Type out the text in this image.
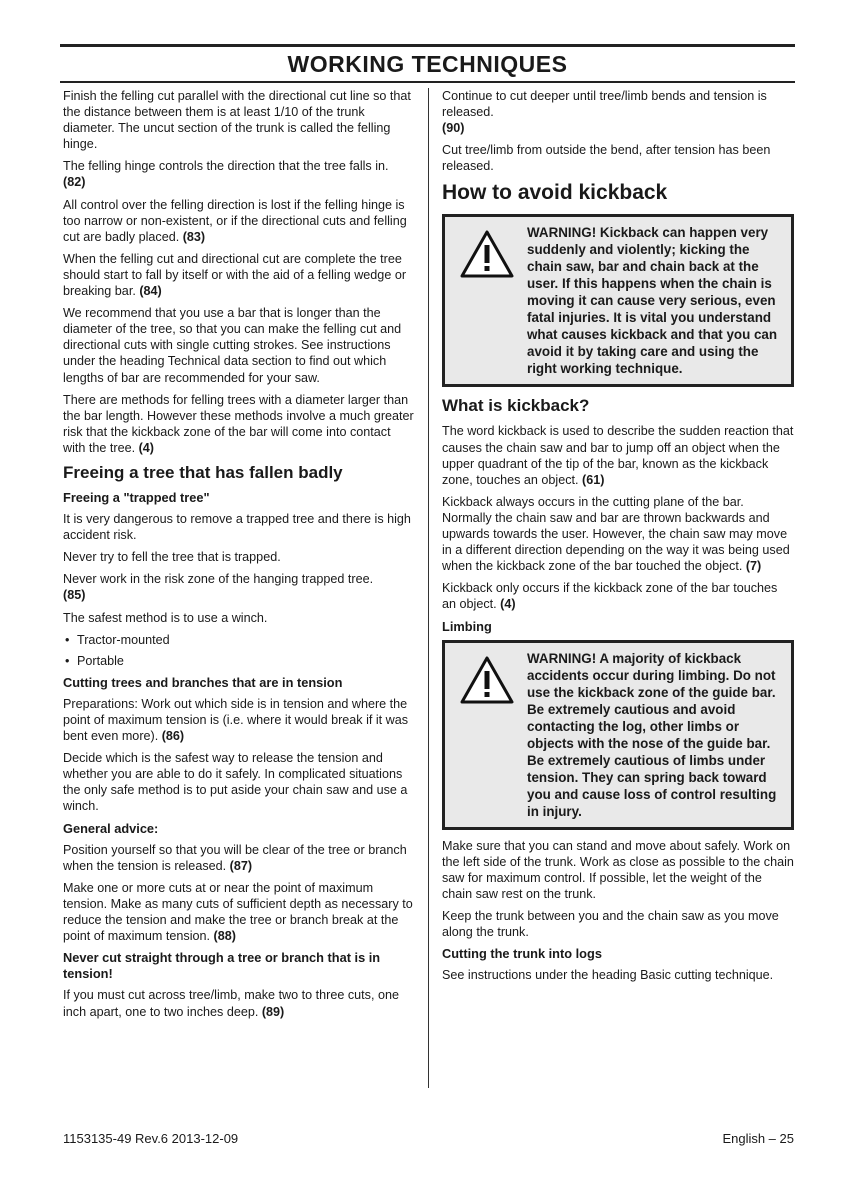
WORKING TECHNIQUES

Finish the felling cut parallel with the directional cut line so that the distance between them is at least 1/10 of the trunk diameter. The uncut section of the trunk is called the felling hinge.

The felling hinge controls the direction that the tree falls in.
(82)

All control over the felling direction is lost if the felling hinge is too narrow or non-existent, or if the directional cuts and felling cut are badly placed. (83)

When the felling cut and directional cut are complete the tree should start to fall by itself or with the aid of a felling wedge or breaking bar. (84)

We recommend that you use a bar that is longer than the diameter of the tree, so that you can make the felling cut and directional cuts with single cutting strokes. See instructions under the heading Technical data section to find out which lengths of bar are recommended for your saw.

There are methods for felling trees with a diameter larger than the bar length. However these methods involve a much greater risk that the kickback zone of the bar will come into contact with the tree. (4)

Freeing a tree that has fallen badly
Freeing a "trapped tree"

It is very dangerous to remove a trapped tree and there is high accident risk.

Never try to fell the tree that is trapped.

Never work in the risk zone of the hanging trapped tree.
(85)

The safest method is to use a winch.

• Tractor-mounted
• Portable
Cutting trees and branches that are in tension

Preparations: Work out which side is in tension and where the point of maximum tension is (i.e. where it would break if it was bent even more). (86)

Decide which is the safest way to release the tension and whether you are able to do it safely. In complicated situations the only safe method is to put aside your chain saw and use a winch.

General advice:

Position yourself so that you will be clear of the tree or branch when the tension is released. (87)

Make one or more cuts at or near the point of maximum tension. Make as many cuts of sufficient depth as necessary to reduce the tension and make the tree or branch break at the point of maximum tension. (88)

Never cut straight through a tree or branch that is in tension!

If you must cut across tree/limb, make two to three cuts, one inch apart, one to two inches deep. (89)

Continue to cut deeper until tree/limb bends and tension is released.
(90)

Cut tree/limb from outside the bend, after tension has been released.

How to avoid kickback
WARNING! Kickback can happen very suddenly and violently; kicking the chain saw, bar and chain back at the user. If this happens when the chain is moving it can cause very serious, even fatal injuries. It is vital you understand what causes kickback and that you can avoid it by taking care and using the right working technique.
What is kickback?

The word kickback is used to describe the sudden reaction that causes the chain saw and bar to jump off an object when the upper quadrant of the tip of the bar, known as the kickback zone, touches an object. (61)

Kickback always occurs in the cutting plane of the bar. Normally the chain saw and bar are thrown backwards and upwards towards the user. However, the chain saw may move in a different direction depending on the way it was being used when the kickback zone of the bar touched the object. (7)

Kickback only occurs if the kickback zone of the bar touches an object. (4)

Limbing
WARNING! A majority of kickback accidents occur during limbing. Do not use the kickback zone of the guide bar. Be extremely cautious and avoid contacting the log, other limbs or objects with the nose of the guide bar. Be extremely cautious of limbs under tension. They can spring back toward you and cause loss of control resulting in injury.

Make sure that you can stand and move about safely. Work on the left side of the trunk. Work as close as possible to the chain saw for maximum control. If possible, let the weight of the chain saw rest on the trunk.

Keep the trunk between you and the chain saw as you move along the trunk.

Cutting the trunk into logs

See instructions under the heading Basic cutting technique.

1153135-49 Rev.6 2013-12-09	English – 25
